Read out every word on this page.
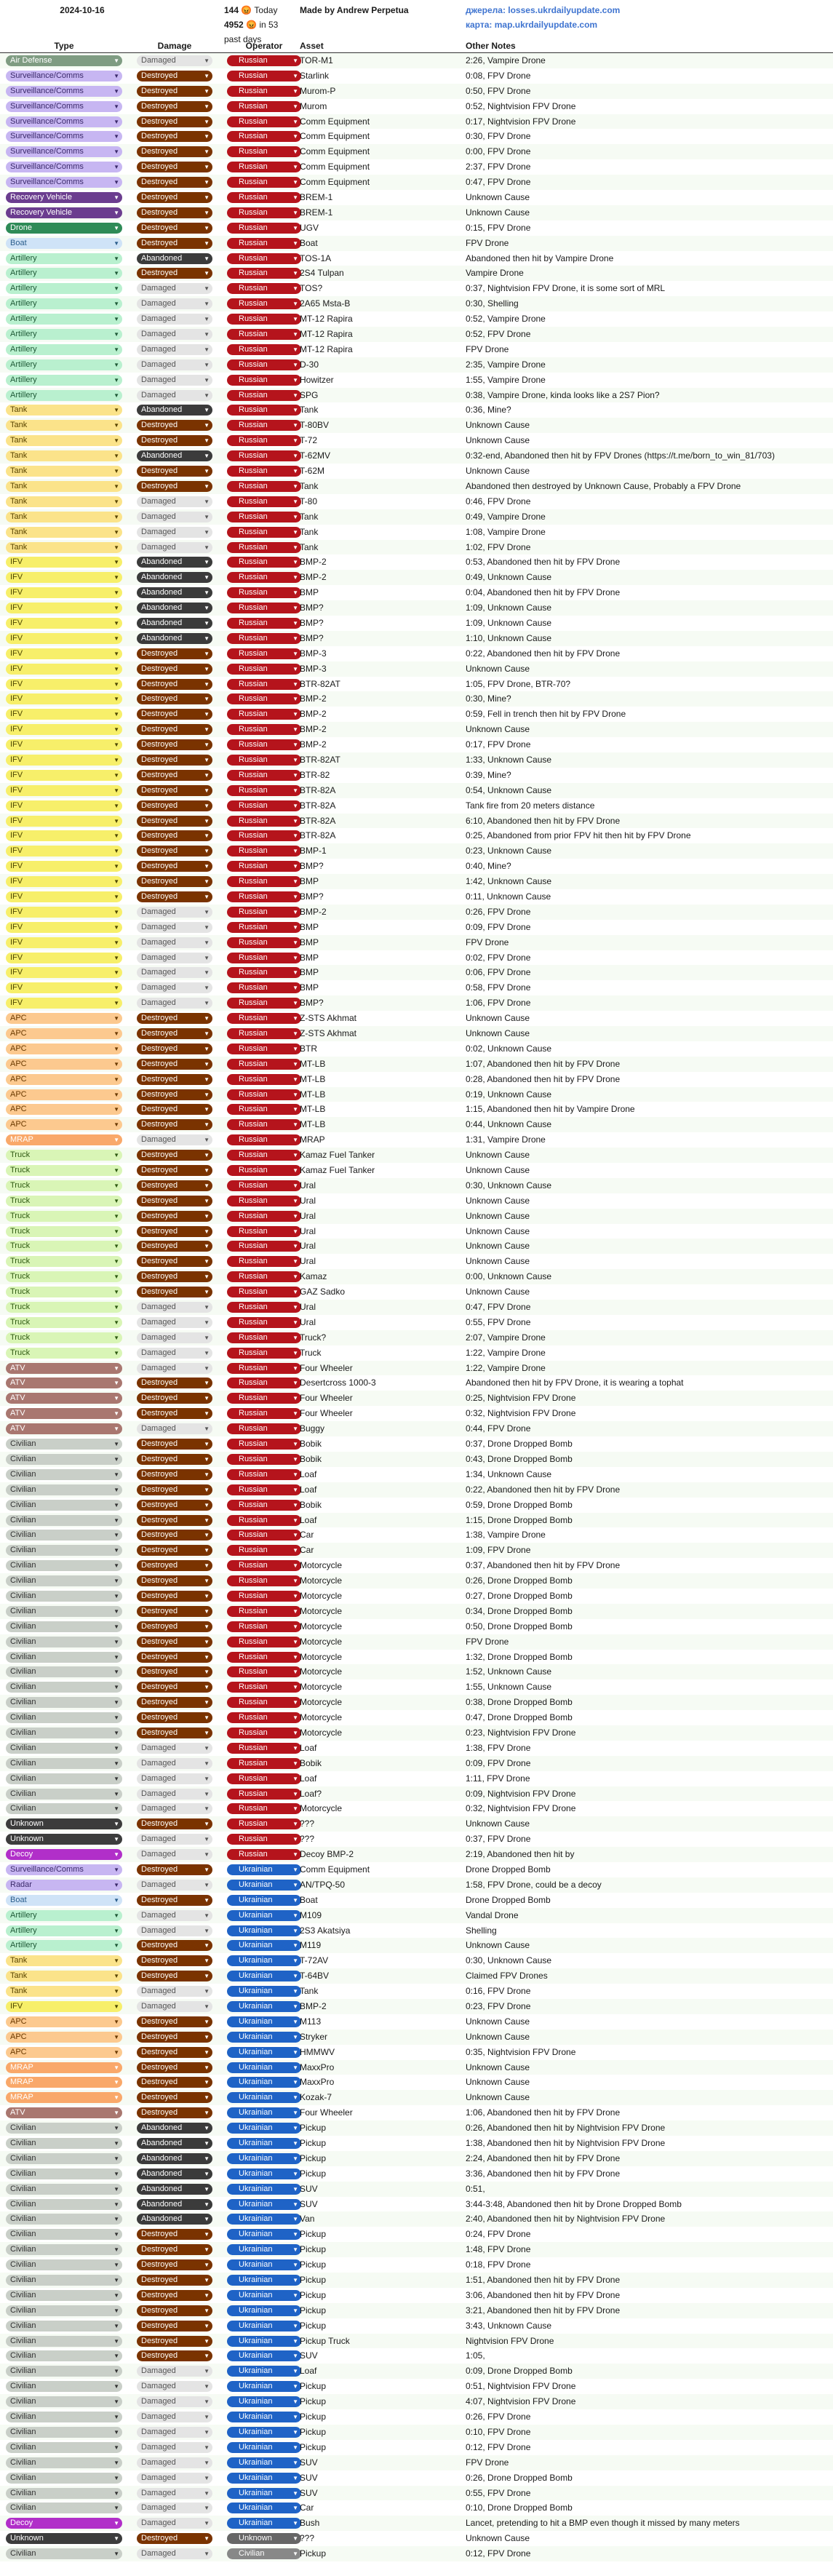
2024-10-16	144 😡 Today
4952 😡 in 53 past days
Made by Andrew Perpetua	джерела: losses.ukrdailyupdate.com
карта: map.ukrdailyupdate.com
Type	Damage	Operator	Asset	Other Notes
Air Defense	▼	Damaged	▼	Russian	▼ TOR-M1	2:26, Vampire Drone
Surveillance/Comms	▼	Destroyed	▼	Russian	▼ Starlink	0:08, FPV Drone
Surveillance/Comms	▼	Destroyed	▼	Russian	▼ Murom-P	0:50, FPV Drone
Surveillance/Comms	▼	Destroyed	▼	Russian	▼ Murom	0:52, Nightvision FPV Drone
Surveillance/Comms	▼	Destroyed	▼	Russian	▼ Comm Equipment	0:17, Nightvision FPV Drone
Surveillance/Comms	▼	Destroyed	▼	Russian	▼ Comm Equipment	0:30, FPV Drone
Surveillance/Comms	▼	Destroyed	▼	Russian	▼ Comm Equipment	0:00, FPV Drone
Surveillance/Comms	▼	Destroyed	▼	Russian	▼ Comm Equipment	2:37, FPV Drone
Surveillance/Comms	▼	Destroyed	▼	Russian	▼ Comm Equipment	0:47, FPV Drone
Recovery Vehicle	▼	Destroyed	▼	Russian	▼ BREM-1	Unknown Cause
Recovery Vehicle	▼	Destroyed	▼	Russian	▼ BREM-1	Unknown Cause
Drone	▼	Destroyed	▼	Russian	▼ UGV	0:15, FPV Drone
Boat	▼	Destroyed	▼	Russian	▼ Boat	FPV Drone
Artillery	▼	Abandoned	▼	Russian	▼ TOS-1A	Abandoned then hit by Vampire Drone
Artillery	▼	Destroyed	▼	Russian	▼ 2S4 Tulpan	Vampire Drone
Artillery	▼	Damaged	▼	Russian	▼ TOS?	0:37, Nightvision FPV Drone, it is some sort of MRL
Artillery	▼	Damaged	▼	Russian	▼ 2A65 Msta-B	0:30, Shelling
Artillery	▼	Damaged	▼	Russian	▼ MT-12 Rapira	0:52, Vampire Drone
Artillery	▼	Damaged	▼	Russian	▼ MT-12 Rapira	0:52, FPV Drone
Artillery	▼	Damaged	▼	Russian	▼ MT-12 Rapira	FPV Drone
Artillery	▼	Damaged	▼	Russian	▼ D-30	2:35, Vampire Drone
Artillery	▼	Damaged	▼	Russian	▼ Howitzer	1:55, Vampire Drone
Artillery	▼	Damaged	▼	Russian	▼ SPG	0:38, Vampire Drone, kinda looks like a 2S7 Pion?
Tank	▼	Abandoned	▼	Russian	▼ Tank	0:36, Mine?
Tank	▼	Destroyed	▼	Russian	▼ T-80BV	Unknown Cause
Tank	▼	Destroyed	▼	Russian	▼ T-72	Unknown Cause
Tank	▼	Abandoned	▼	Russian	▼ T-62MV	0:32-end, Abandoned then hit by FPV Drones (https://t.me/born_to_win_81/703)
Tank	▼	Destroyed	▼	Russian	▼ T-62M	Unknown Cause
Tank	▼	Destroyed	▼	Russian	▼ Tank	Abandoned then destroyed by Unknown Cause, Probably a FPV Drone
Tank	▼	Damaged	▼	Russian	▼ T-80	0:46, FPV Drone
Tank	▼	Damaged	▼	Russian	▼ Tank	0:49, Vampire Drone
Tank	▼	Damaged	▼	Russian	▼ Tank	1:08, Vampire Drone
Tank	▼	Damaged	▼	Russian	▼ Tank	1:02, FPV Drone
IFV	▼	Abandoned	▼	Russian	▼ BMP-2	0:53, Abandoned then hit by FPV Drone
IFV	▼	Abandoned	▼	Russian	▼ BMP-2	0:49, Unknown Cause
IFV	▼	Abandoned	▼	Russian	▼ BMP	0:04, Abandoned then hit by FPV Drone
IFV	▼	Abandoned	▼	Russian	▼ BMP?	1:09, Unknown Cause
IFV	▼	Abandoned	▼	Russian	▼ BMP?	1:09, Unknown Cause
IFV	▼	Abandoned	▼	Russian	▼ BMP?	1:10, Unknown Cause
IFV	▼	Destroyed	▼	Russian	▼ BMP-3	0:22, Abandoned then hit by FPV Drone
IFV	▼	Destroyed	▼	Russian	▼ BMP-3	Unknown Cause
IFV	▼	Destroyed	▼	Russian	▼ BTR-82AT	1:05, FPV Drone, BTR-70?
IFV	▼	Destroyed	▼	Russian	▼ BMP-2	0:30, Mine?
IFV	▼	Destroyed	▼	Russian	▼ BMP-2	0:59, Fell in trench then hit by FPV Drone
IFV	▼	Destroyed	▼	Russian	▼ BMP-2	Unknown Cause
IFV	▼	Destroyed	▼	Russian	▼ BMP-2	0:17, FPV Drone
IFV	▼	Destroyed	▼	Russian	▼ BTR-82AT	1:33, Unknown Cause
IFV	▼	Destroyed	▼	Russian	▼ BTR-82	0:39, Mine?
IFV	▼	Destroyed	▼	Russian	▼ BTR-82A	0:54, Unknown Cause
IFV	▼	Destroyed	▼	Russian	▼ BTR-82A	Tank fire from 20 meters distance
IFV	▼	Destroyed	▼	Russian	▼ BTR-82A	6:10, Abandoned then hit by FPV Drone
IFV	▼	Destroyed	▼	Russian	▼ BTR-82A	0:25, Abandoned from prior FPV hit then hit by FPV Drone
IFV	▼	Destroyed	▼	Russian	▼ BMP-1	0:23, Unknown Cause
IFV	▼	Destroyed	▼	Russian	▼ BMP?	0:40, Mine?
IFV	▼	Destroyed	▼	Russian	▼ BMP	1:42, Unknown Cause
IFV	▼	Destroyed	▼	Russian	▼ BMP?	0:11, Unknown Cause
IFV	▼	Damaged	▼	Russian	▼ BMP-2	0:26, FPV Drone
IFV	▼	Damaged	▼	Russian	▼ BMP	0:09, FPV Drone
IFV	▼	Damaged	▼	Russian	▼ BMP	FPV Drone
IFV	▼	Damaged	▼	Russian	▼ BMP	0:02, FPV Drone
IFV	▼	Damaged	▼	Russian	▼ BMP	0:06, FPV Drone
IFV	▼	Damaged	▼	Russian	▼ BMP	0:58, FPV Drone
IFV	▼	Damaged	▼	Russian	▼ BMP?	1:06, FPV Drone
APC	▼	Destroyed	▼	Russian	▼ Z-STS Akhmat	Unknown Cause
APC	▼	Destroyed	▼	Russian	▼ Z-STS Akhmat	Unknown Cause
APC	▼	Destroyed	▼	Russian	▼ BTR	0:02, Unknown Cause
APC	▼	Destroyed	▼	Russian	▼ MT-LB	1:07, Abandoned then hit by FPV Drone
APC	▼	Destroyed	▼	Russian	▼ MT-LB	0:28, Abandoned then hit by FPV Drone
APC	▼	Destroyed	▼	Russian	▼ MT-LB	0:19, Unknown Cause
APC	▼	Destroyed	▼	Russian	▼ MT-LB	1:15, Abandoned then hit by Vampire Drone
APC	▼	Destroyed	▼	Russian	▼ MT-LB	0:44, Unknown Cause
MRAP	▼	Damaged	▼	Russian	▼ MRAP	1:31, Vampire Drone
Truck	▼	Destroyed	▼	Russian	▼ Kamaz Fuel Tanker	Unknown Cause
Truck	▼	Destroyed	▼	Russian	▼ Kamaz Fuel Tanker	Unknown Cause
Truck	▼	Destroyed	▼	Russian	▼ Ural	0:30, Unknown Cause
Truck	▼	Destroyed	▼	Russian	▼ Ural	Unknown Cause
Truck	▼	Destroyed	▼	Russian	▼ Ural	Unknown Cause
Truck	▼	Destroyed	▼	Russian	▼ Ural	Unknown Cause
Truck	▼	Destroyed	▼	Russian	▼ Ural	Unknown Cause
Truck	▼	Destroyed	▼	Russian	▼ Ural	Unknown Cause
Truck	▼	Destroyed	▼	Russian	▼ Kamaz	0:00, Unknown Cause
Truck	▼	Destroyed	▼	Russian	▼ GAZ Sadko	Unknown Cause
Truck	▼	Damaged	▼	Russian	▼ Ural	0:47, FPV Drone
Truck	▼	Damaged	▼	Russian	▼ Ural	0:55, FPV Drone
Truck	▼	Damaged	▼	Russian	▼ Truck?	2:07, Vampire Drone
Truck	▼	Damaged	▼	Russian	▼ Truck	1:22, Vampire Drone
ATV	▼	Damaged	▼	Russian	▼ Four Wheeler	1:22, Vampire Drone
ATV	▼	Destroyed	▼	Russian	▼ Desertcross 1000-3	Abandoned then hit by FPV Drone, it is wearing a tophat
ATV	▼	Destroyed	▼	Russian	▼ Four Wheeler	0:25, Nightvision FPV Drone
ATV	▼	Destroyed	▼	Russian	▼ Four Wheeler	0:32, Nightvision FPV Drone
ATV	▼	Damaged	▼	Russian	▼ Buggy	0:44, FPV Drone
Civilian	▼	Destroyed	▼	Russian	▼ Bobik	0:37, Drone Dropped Bomb
Civilian	▼	Destroyed	▼	Russian	▼ Bobik	0:43, Drone Dropped Bomb
Civilian	▼	Destroyed	▼	Russian	▼ Loaf	1:34, Unknown Cause
Civilian	▼	Destroyed	▼	Russian	▼ Loaf	0:22, Abandoned then hit by FPV Drone
Civilian	▼	Destroyed	▼	Russian	▼ Bobik	0:59, Drone Dropped Bomb
Civilian	▼	Destroyed	▼	Russian	▼ Loaf	1:15, Drone Dropped Bomb
Civilian	▼	Destroyed	▼	Russian	▼ Car	1:38, Vampire Drone
Civilian	▼	Destroyed	▼	Russian	▼ Car	1:09, FPV Drone
Civilian	▼	Destroyed	▼	Russian	▼ Motorcycle	0:37, Abandoned then hit by FPV Drone
Civilian	▼	Destroyed	▼	Russian	▼ Motorcycle	0:26, Drone Dropped Bomb
Civilian	▼	Destroyed	▼	Russian	▼ Motorcycle	0:27, Drone Dropped Bomb
Civilian	▼	Destroyed	▼	Russian	▼ Motorcycle	0:34, Drone Dropped Bomb
Civilian	▼	Destroyed	▼	Russian	▼ Motorcycle	0:50, Drone Dropped Bomb
Civilian	▼	Destroyed	▼	Russian	▼ Motorcycle	FPV Drone
Civilian	▼	Destroyed	▼	Russian	▼ Motorcycle	1:32, Drone Dropped Bomb
Civilian	▼	Destroyed	▼	Russian	▼ Motorcycle	1:52, Unknown Cause
Civilian	▼	Destroyed	▼	Russian	▼ Motorcycle	1:55, Unknown Cause
Civilian	▼	Destroyed	▼	Russian	▼ Motorcycle	0:38, Drone Dropped Bomb
Civilian	▼	Destroyed	▼	Russian	▼ Motorcycle	0:47, Drone Dropped Bomb
Civilian	▼	Destroyed	▼	Russian	▼ Motorcycle	0:23, Nightvision FPV Drone
Civilian	▼	Damaged	▼	Russian	▼ Loaf	1:38, FPV Drone
Civilian	▼	Damaged	▼	Russian	▼ Bobik	0:09, FPV Drone
Civilian	▼	Damaged	▼	Russian	▼ Loaf	1:11, FPV Drone
Civilian	▼	Damaged	▼	Russian	▼ Loaf?	0:09, Nightvision FPV Drone
Civilian	▼	Damaged	▼	Russian	▼ Motorcycle	0:32, Nightvision FPV Drone
Unknown	▼	Destroyed	▼	Russian	▼ ???	Unknown Cause
Unknown	▼	Damaged	▼	Russian	▼ ???	0:37, FPV Drone
Decoy	▼	Damaged	▼	Russian	▼ Decoy BMP-2	2:19, Abandoned then hit by
Surveillance/Comms	▼	Destroyed	▼	Ukrainian	▼ Comm Equipment	Drone Dropped Bomb
Radar	▼	Damaged	▼	Ukrainian	▼ AN/TPQ-50	1:58, FPV Drone, could be a decoy
Boat	▼	Destroyed	▼	Ukrainian	▼ Boat	Drone Dropped Bomb
Artillery	▼	Damaged	▼	Ukrainian	▼ M109	Vandal Drone
Artillery	▼	Damaged	▼	Ukrainian	▼ 2S3 Akatsiya	Shelling
Artillery	▼	Destroyed	▼	Ukrainian	▼ M119	Unknown Cause
Tank	▼	Destroyed	▼	Ukrainian	▼ T-72AV	0:30, Unknown Cause
Tank	▼	Destroyed	▼	Ukrainian	▼ T-64BV	Claimed FPV Drones
Tank	▼	Damaged	▼	Ukrainian	▼ Tank	0:16, FPV Drone
IFV	▼	Damaged	▼	Ukrainian	▼ BMP-2	0:23, FPV Drone
APC	▼	Destroyed	▼	Ukrainian	▼ M113	Unknown Cause
APC	▼	Destroyed	▼	Ukrainian	▼ Stryker	Unknown Cause
APC	▼	Destroyed	▼	Ukrainian	▼ HMMWV	0:35, Nightvision FPV Drone
MRAP	▼	Destroyed	▼	Ukrainian	▼ MaxxPro	Unknown Cause
MRAP	▼	Destroyed	▼	Ukrainian	▼ MaxxPro	Unknown Cause
MRAP	▼	Destroyed	▼	Ukrainian	▼ Kozak-7	Unknown Cause
ATV	▼	Destroyed	▼	Ukrainian	▼ Four Wheeler	1:06, Abandoned then hit by FPV Drone
Civilian	▼	Abandoned	▼	Ukrainian	▼ Pickup	0:26, Abandoned then hit by Nightvision FPV Drone
Civilian	▼	Abandoned	▼	Ukrainian	▼ Pickup	1:38, Abandoned then hit by Nightvision FPV Drone
Civilian	▼	Abandoned	▼	Ukrainian	▼ Pickup	2:24, Abandoned then hit by FPV Drone
Civilian	▼	Abandoned	▼	Ukrainian	▼ Pickup	3:36, Abandoned then hit by FPV Drone
Civilian	▼	Abandoned	▼	Ukrainian	▼ SUV	0:51,
Civilian	▼	Abandoned	▼	Ukrainian	▼ SUV	3:44-3:48, Abandoned then hit by Drone Dropped Bomb
Civilian	▼	Abandoned	▼	Ukrainian	▼ Van	2:40, Abandoned then hit by Nightvision FPV Drone
Civilian	▼	Destroyed	▼	Ukrainian	▼ Pickup	0:24, FPV Drone
Civilian	▼	Destroyed	▼	Ukrainian	▼ Pickup	1:48, FPV Drone
Civilian	▼	Destroyed	▼	Ukrainian	▼ Pickup	0:18, FPV Drone
Civilian	▼	Destroyed	▼	Ukrainian	▼ Pickup	1:51, Abandoned then hit by FPV Drone
Civilian	▼	Destroyed	▼	Ukrainian	▼ Pickup	3:06, Abandoned then hit by FPV Drone
Civilian	▼	Destroyed	▼	Ukrainian	▼ Pickup	3:21, Abandoned then hit by FPV Drone
Civilian	▼	Destroyed	▼	Ukrainian	▼ Pickup	3:43, Unknown Cause
Civilian	▼	Destroyed	▼	Ukrainian	▼ Pickup Truck	Nightvision FPV Drone
Civilian	▼	Destroyed	▼	Ukrainian	▼ SUV	1:05,
Civilian	▼	Damaged	▼	Ukrainian	▼ Loaf	0:09, Drone Dropped Bomb
Civilian	▼	Damaged	▼	Ukrainian	▼ Pickup	0:51, Nightvision FPV Drone
Civilian	▼	Damaged	▼	Ukrainian	▼ Pickup	4:07, Nightvision FPV Drone
Civilian	▼	Damaged	▼	Ukrainian	▼ Pickup	0:26, FPV Drone
Civilian	▼	Damaged	▼	Ukrainian	▼ Pickup	0:10, FPV Drone
Civilian	▼	Damaged	▼	Ukrainian	▼ Pickup	0:12, FPV Drone
Civilian	▼	Damaged	▼	Ukrainian	▼ SUV	FPV Drone
Civilian	▼	Damaged	▼	Ukrainian	▼ SUV	0:26, Drone Dropped Bomb
Civilian	▼	Damaged	▼	Ukrainian	▼ SUV	0:55, FPV Drone
Civilian	▼	Damaged	▼	Ukrainian	▼ Car	0:10, Drone Dropped Bomb
Decoy	▼	Damaged	▼	Ukrainian	▼ Bush	Lancet, pretending to hit a BMP even though it missed by many meters
Unknown	▼	Destroyed	▼	Unknown	▼ ???	Unknown Cause
Civilian	▼	Damaged	▼	Civilian	▼ Pickup	0:12, FPV Drone
